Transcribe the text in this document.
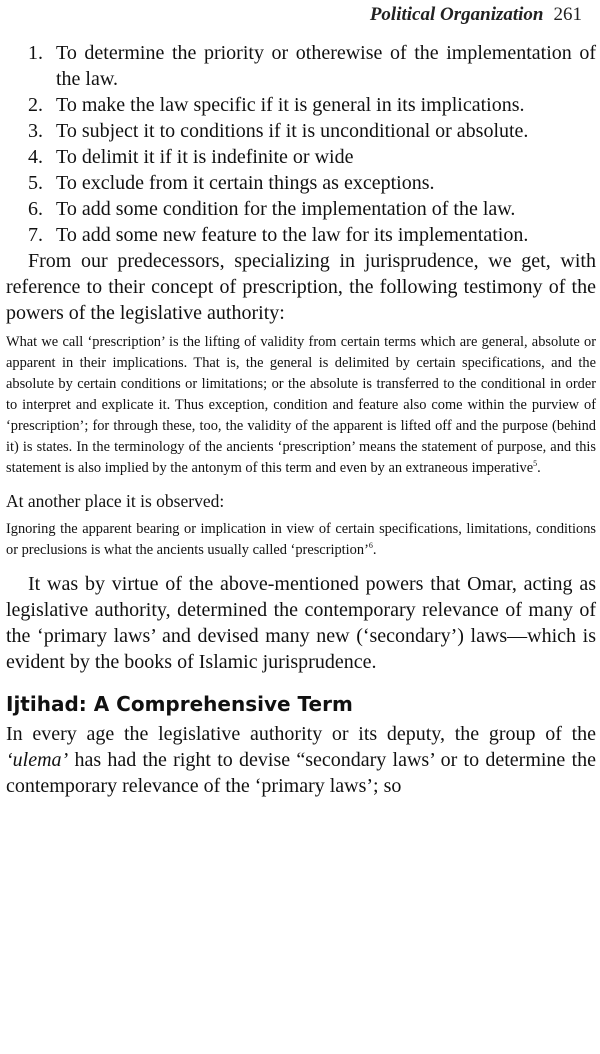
Political Organization 261
1. To determine the priority or otherewise of the implementation of the law.
2. To make the law specific if it is general in its implications.
3. To subject it to conditions if it is unconditional or absolute.
4. To delimit it if it is indefinite or wide
5. To exclude from it certain things as exceptions.
6. To add some condition for the implementation of the law.
7. To add some new feature to the law for its implementation.

From our predecessors, specializing in jurisprudence, we get, with reference to their concept of prescription, the following testimony of the powers of the legislative authority:

What we call ‘prescription’ is the lifting of validity from certain terms which are general, absolute or apparent in their implications. That is, the general is delimited by certain specifications, and the absolute by certain conditions or limitations; or the absolute is transferred to the conditional in order to interpret and explicate it. Thus exception, condition and feature also come within the purview of ‘prescription’; for through these, too, the validity of the apparent is lifted off and the purpose (behind it) is states. In the terminology of the ancients ‘prescription’ means the statement of purpose, and this statement is also implied by the antonym of this term and even by an extraneous imperative$^5$.

At another place it is observed:

Ignoring the apparent bearing or implication in view of certain specifications, limitations, conditions or preclusions is what the ancients usually called ‘prescription’$^6$.

It was by virtue of the above-mentioned powers that Omar, acting as legislative authority, determined the contemporary relevance of many of the ‘primary laws’ and devised many new (‘secondary’) laws—which is evident by the books of Islamic jurisprudence.

Ijtihad: A Comprehensive Term

In every age the legislative authority or its deputy, the group of the ‘ulema’ has had the right to devise “secondary laws’ or to determine the contemporary relevance of the ‘primary laws’; so
